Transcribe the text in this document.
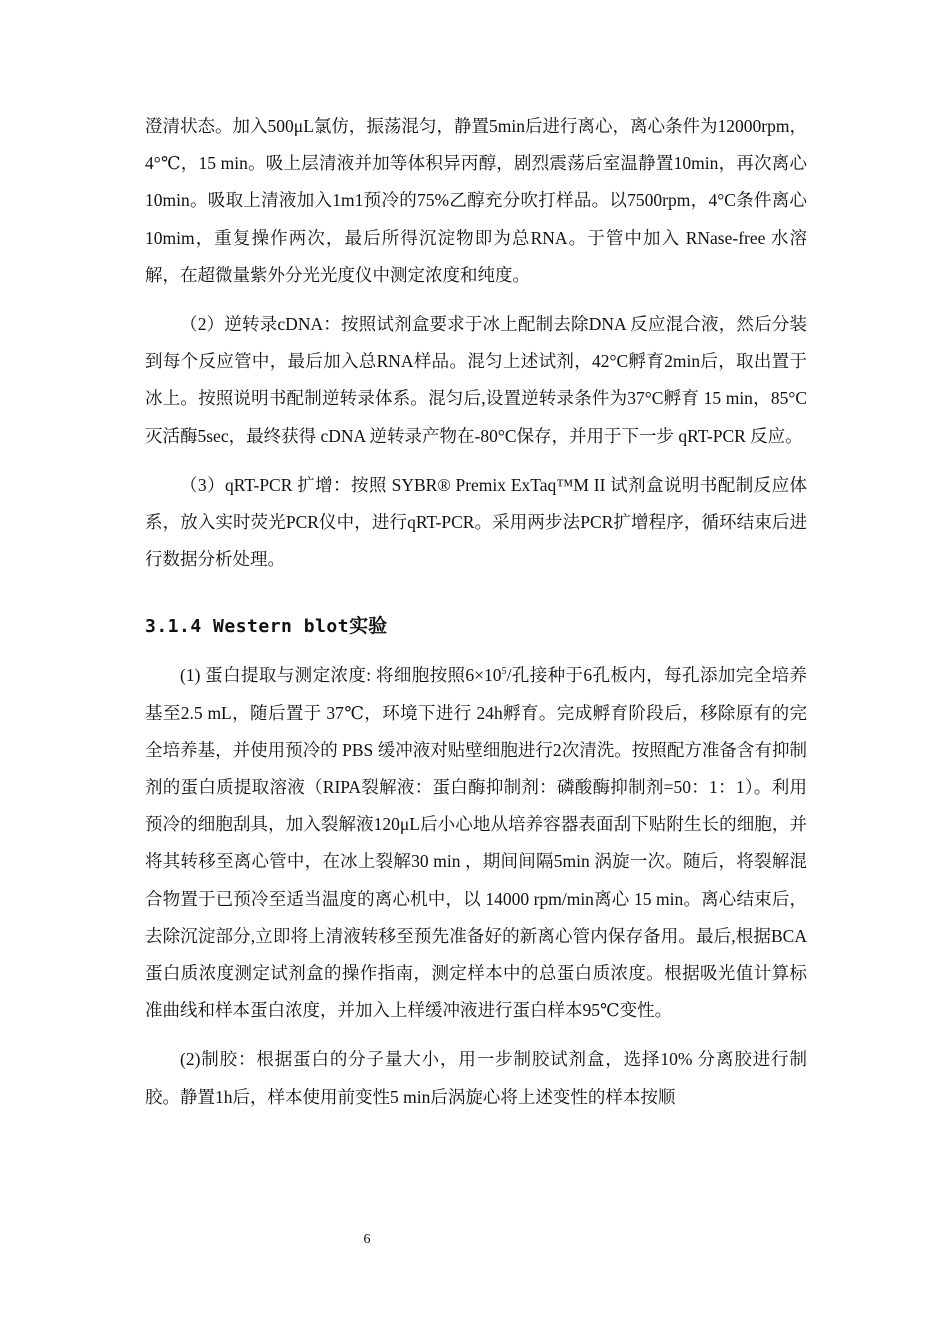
澄清状态。加入500μL氯仿，振荡混匀，静置5min后进行离心，离心条件为12000rpm，4°℃，15 min。吸上层清液并加等体积异丙醇，剧烈震荡后室温静置10min，再次离心10min。吸取上清液加入1m1预冷的75%乙醇充分吹打样品。以7500rpm，4°C条件离心10mim，重复操作两次，最后所得沉淀物即为总RNA。于管中加入 RNase-free 水溶解，在超微量紫外分光光度仪中测定浓度和纯度。

（2）逆转录cDNA：按照试剂盒要求于冰上配制去除DNA 反应混合液，然后分装到每个反应管中，最后加入总RNA样品。混匀上述试剂，42°C孵育2min后，取出置于冰上。按照说明书配制逆转录体系。混匀后,设置逆转录条件为37°C孵育 15 min，85°C灭活酶5sec，最终获得 cDNA 逆转录产物在-80°C保存，并用于下一步 qRT-PCR 反应。

（3）qRT-PCR 扩增：按照 SYBR® Premix ExTaq™M II 试剂盒说明书配制反应体系，放入实时荧光PCR仪中，进行qRT-PCR。采用两步法PCR扩增程序，循环结束后进行数据分析处理。

3.1.4 Western blot实验

(1) 蛋白提取与测定浓度: 将细胞按照$6\times 10^5/$孔接种于6孔板内，每孔添加完全培养基至2.5 mL，随后置于 37℃，环境下进行 24h孵育。完成孵育阶段后，移除原有的完全培养基，并使用预冷的 PBS 缓冲液对贴壁细胞进行2次清洗。按照配方准备含有抑制剂的蛋白质提取溶液（RIPA裂解液：蛋白酶抑制剂：磷酸酶抑制剂=50：1：1）。利用预冷的细胞刮具，加入裂解液120μL后小心地从培养容器表面刮下贴附生长的细胞，并将其转移至离心管中，在冰上裂解30 min ，期间间隔5min 涡旋一次。随后，将裂解混合物置于已预冷至适当温度的离心机中，以 14000 rpm/min离心 15 min。离心结束后，去除沉淀部分,立即将上清液转移至预先准备好的新离心管内保存备用。最后,根据BCA蛋白质浓度测定试剂盒的操作指南，测定样本中的总蛋白质浓度。根据吸光值计算标准曲线和样本蛋白浓度，并加入上样缓冲液进行蛋白样本95℃变性。

(2)制胶：根据蛋白的分子量大小，用一步制胶试剂盒，选择10% 分离胶进行制胶。静置1h后，样本使用前变性5 min后涡旋心将上述变性的样本按顺

6
